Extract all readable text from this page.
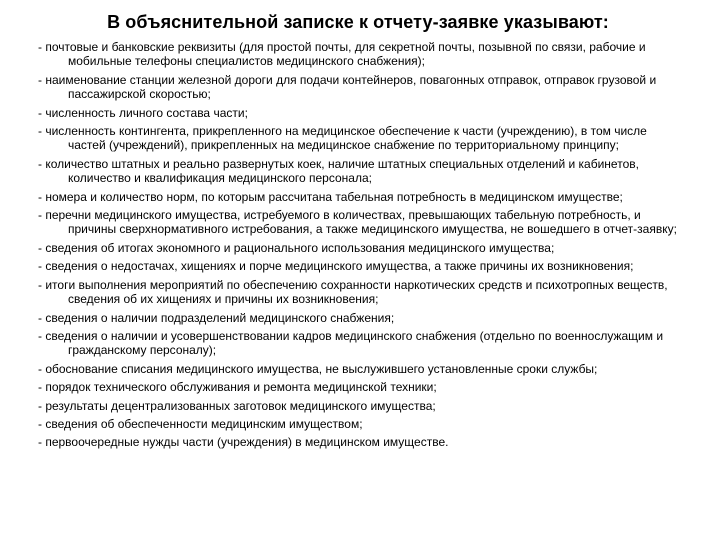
В объяснительной записке к отчету-заявке указывают:
- почтовые и банковские реквизиты (для простой почты, для секретной почты, позывной по связи, рабочие и мобильные телефоны специалистов медицинского снабжения);
- наименование станции железной дороги для подачи контейнеров, повагонных отправок, отправок грузовой и пассажирской скоростью;
- численность личного состава части;
- численность контингента, прикрепленного на медицинское обеспечение к части (учреждению), в том числе частей (учреждений), прикрепленных на медицинское снабжение по территориальному принципу;
- количество штатных и реально развернутых коек, наличие штатных специальных отделений и кабинетов, количество и квалификация медицинского персонала;
- номера и количество норм, по которым рассчитана табельная потребность в медицинском имуществе;
- перечни медицинского имущества, истребуемого в количествах, превышающих табельную потребность, и причины сверхнормативного истребования, а также медицинского имущества, не вошедшего в отчет-заявку;
- сведения об итогах экономного и рационального использования медицинского имущества;
- сведения о недостачах, хищениях и порче медицинского имущества, а также причины их возникновения;
- итоги выполнения мероприятий по обеспечению сохранности наркотических средств и психотропных веществ, сведения об их хищениях и причины их возникновения;
- сведения о наличии подразделений медицинского снабжения;
- сведения о наличии и усовершенствовании кадров медицинского снабжения (отдельно по военнослужащим и гражданскому персоналу);
- обоснование списания медицинского имущества, не выслужившего установленные сроки службы;
- порядок технического обслуживания и ремонта медицинской техники;
- результаты децентрализованных заготовок медицинского имущества;
- сведения об обеспеченности медицинским имуществом;
- первоочередные нужды части (учреждения) в медицинском имуществе.
